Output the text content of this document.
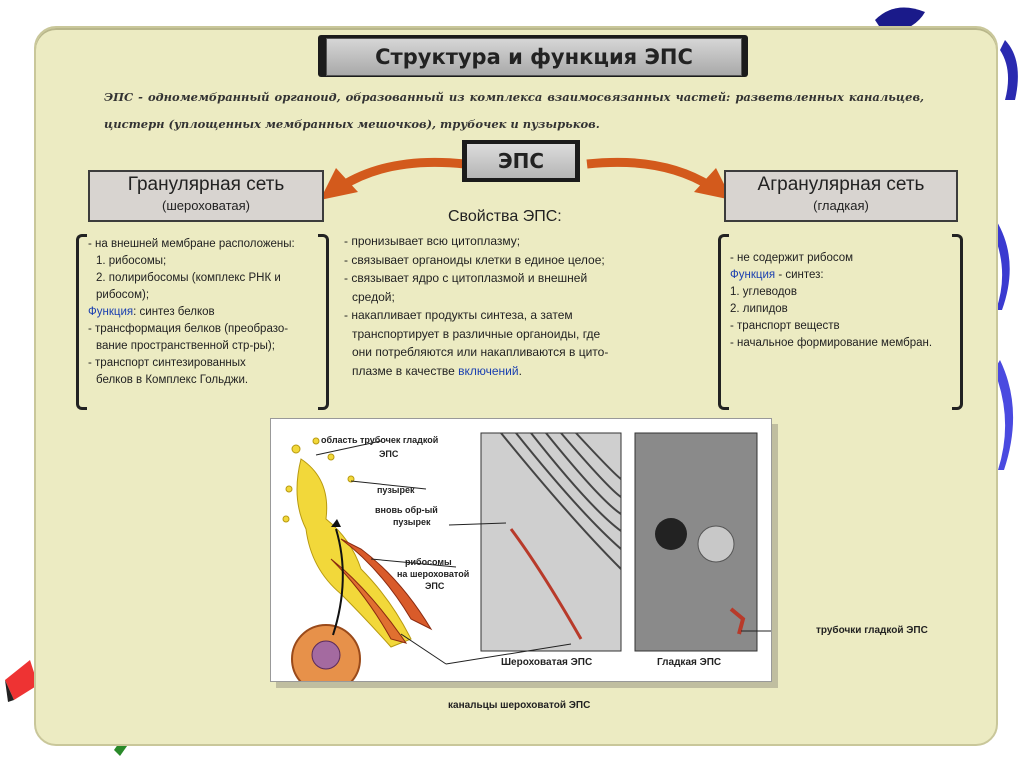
Структура и функция ЭПС
ЭПС - одномембранный органоид, образованный из комплекса взаимосвязанных частей: разветвленных канальцев, цистерн (уплощенных мембранных мешочков), трубочек и пузырьков.
ЭПС
Гранулярная сеть
(шероховатая)
- на внешней мембране расположены:
1. рибосомы;
2. полирибосомы (комплекс РНК и
рибосом);
Функция: синтез белков
- трансформация белков (преобразо-
вание пространственной стр-ры);
- транспорт синтезированных
белков в Комплекс Гольджи.
Агранулярная сеть
(гладкая)
- не содержит рибосом
Функция - синтез:
1. углеводов
2. липидов
- транспорт веществ
- начальное формирование мембран.
Свойства ЭПС:
- пронизывает всю цитоплазму;
- связывает органоиды клетки в единое целое;
- связывает ядро с цитоплазмой и внешней
средой;
- накапливает продукты синтеза, а затем
транспортирует в различные органоиды, где
они потребляются или накапливаются в цито-
плазме в качестве включений.
область трубочек гладкой
ЭПС
пузырек
вновь обр-ый
пузырек
рибосомы
на шероховатой
ЭПС
Шероховатая ЭПС	Гладкая ЭПС
трубочки гладкой ЭПС
канальцы шероховатой ЭПС
